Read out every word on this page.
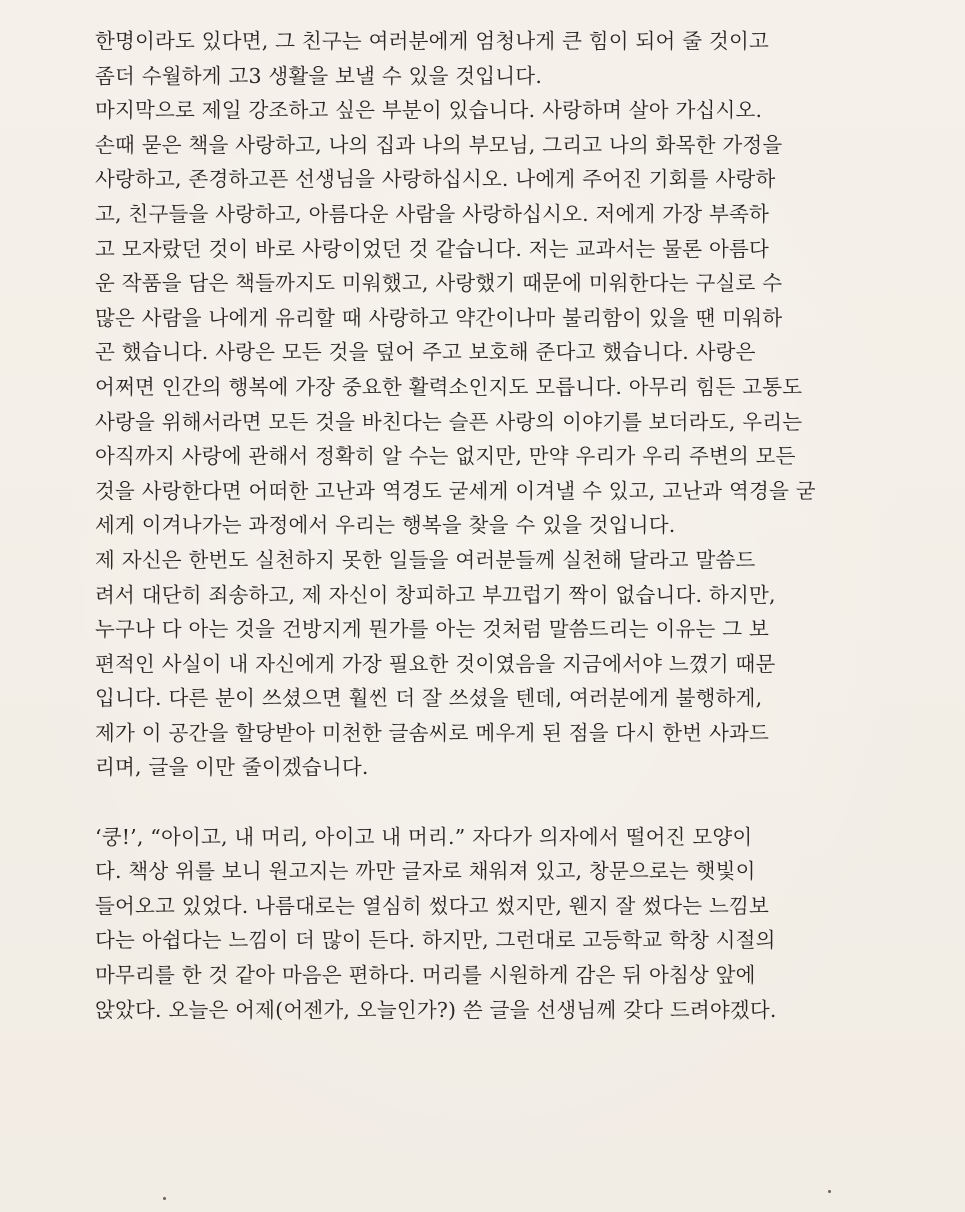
한명이라도 있다면, 그 친구는 여러분에게 엄청나게 큰 힘이 되어 줄 것이고
좀더 수월하게 고3 생활을 보낼 수 있을 것입니다.
마지막으로 제일 강조하고 싶은 부분이 있습니다. 사랑하며 살아 가십시오.
손때 묻은 책을 사랑하고, 나의 집과 나의 부모님, 그리고 나의 화목한 가정을
사랑하고, 존경하고픈 선생님을 사랑하십시오. 나에게 주어진 기회를 사랑하
고, 친구들을 사랑하고, 아름다운 사람을 사랑하십시오. 저에게 가장 부족하
고 모자랐던 것이 바로 사랑이었던 것 같습니다. 저는 교과서는 물론 아름다
운 작품을 담은 책들까지도 미워했고, 사랑했기 때문에 미워한다는 구실로 수
많은 사람을 나에게 유리할 때 사랑하고 약간이나마 불리함이 있을 땐 미워하
곤 했습니다. 사랑은 모든 것을 덮어 주고 보호해 준다고 했습니다. 사랑은
어쩌면 인간의 행복에 가장 중요한 활력소인지도 모릅니다. 아무리 힘든 고통도
사랑을 위해서라면 모든 것을 바친다는 슬픈 사랑의 이야기를 보더라도, 우리는
아직까지 사랑에 관해서 정확히 알 수는 없지만, 만약 우리가 우리 주변의 모든
것을 사랑한다면 어떠한 고난과 역경도 굳세게 이겨낼 수 있고, 고난과 역경을 굳
세게 이겨나가는 과정에서 우리는 행복을 찾을 수 있을 것입니다.
제 자신은 한번도 실천하지 못한 일들을 여러분들께 실천해 달라고 말씀드
려서 대단히 죄송하고, 제 자신이 창피하고 부끄럽기 짝이 없습니다. 하지만,
누구나 다 아는 것을 건방지게 뭔가를 아는 것처럼 말씀드리는 이유는 그 보
편적인 사실이 내 자신에게 가장 필요한 것이였음을 지금에서야 느꼈기 때문
입니다. 다른 분이 쓰셨으면 훨씬 더 잘 쓰셨을 텐데, 여러분에게 불행하게,
제가 이 공간을 할당받아 미천한 글솜씨로 메우게 된 점을 다시 한번 사과드
리며, 글을 이만 줄이겠습니다.
‘쿵!’, “아이고, 내 머리, 아이고 내 머리.” 자다가 의자에서 떨어진 모양이
다. 책상 위를 보니 원고지는 까만 글자로 채워져 있고, 창문으로는 햇빛이
들어오고 있었다. 나름대로는 열심히 썼다고 썼지만, 웬지 잘 썼다는 느낌보
다는 아쉽다는 느낌이 더 많이 든다. 하지만, 그런대로 고등학교 학창 시절의
마무리를 한 것 같아 마음은 편하다. 머리를 시원하게 감은 뒤 아침상 앞에
앉았다. 오늘은 어제(어젠가, 오늘인가?) 쓴 글을 선생님께 갖다 드려야겠다.
